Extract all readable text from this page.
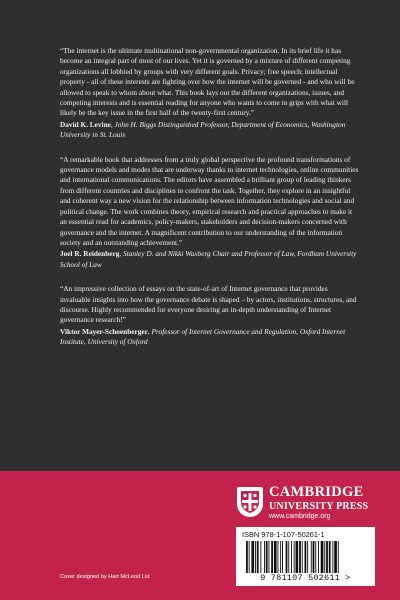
“The internet is the ultimate multinational non-governmental organization. In its brief life it has become an integral part of most of our lives. Yet it is governed by a mixture of different competing organizations all lobbied by groups with very different goals. Privacy; free speech; intellectual property - all of these interests are fighting over how the internet will be governed - and who will be allowed to speak to whom about what. This book lays out the different organizations, issues, and competing interests and is essential reading for anyone who wants to come to grips with what will likely be the key issue in the first half of the twenty-first century.”

David K. Levine, John H. Biggs Distinguished Professor, Department of Economics, Washington University in St. Louis

“A remarkable book that addresses from a truly global perspective the profound transformations of governance models and modes that are underway thanks to internet technologies, online communities and international communications. The editors have assembled a brilliant group of leading thinkers from different countries and disciplines to confront the task. Together, they explore in an insightful and coherent way a new vision for the relationship between information technologies and social and political change. The work combines theory, empirical research and practical approaches to make it an essential read for academics, policy-makers, stakeholders and decision-makers concerned with governance and the internet. A magnificent contribution to our understanding of the information society and an outstanding achievement.”

Joel R. Reidenberg, Stanley D. and Nikki Waxberg Chair and Professor of Law, Fordham University School of Law

“An impressive collection of essays on the state-of-art of Internet governance that provides invaluable insights into how the governance debate is shaped – by actors, institutions, structures, and discourse. Highly recommended for everyone desiring an in-depth understanding of Internet governance research!”

Viktor Mayer-Schoenberger, Professor of Internet Governance and Regulation, Oxford Internet Institute, University of Oxford
CAMBRIDGE
UNIVERSITY PRESS
www.cambridge.org
ISBN 978-1-107-50261-1
9 781107 502611 >
Cover designed by Hart McLeod Ltd
